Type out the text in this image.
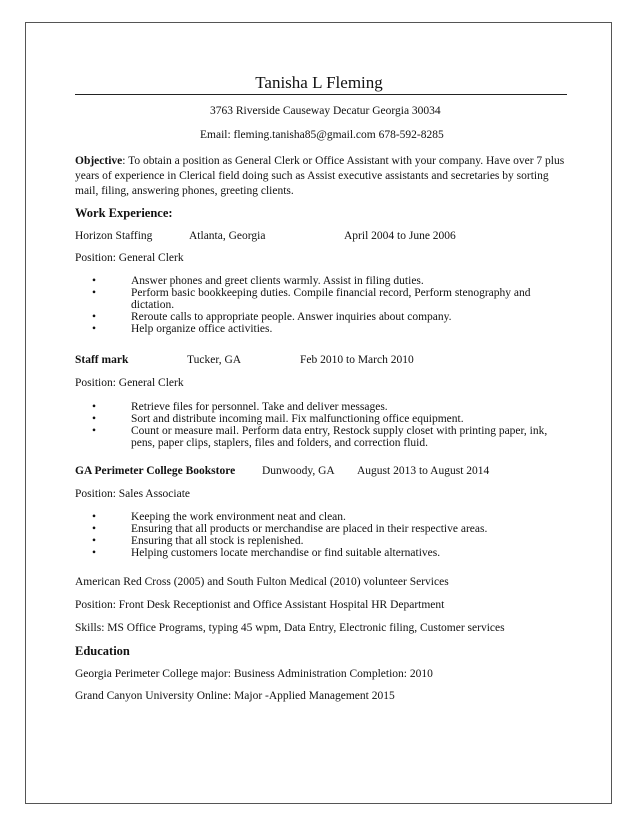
Tanisha L Fleming
3763 Riverside Causeway Decatur Georgia 30034
Email: fleming.tanisha85@gmail.com 678-592-8285
Objective: To obtain a position as General Clerk or Office Assistant with your company. Have over 7 plus years of experience in Clerical field doing such as Assist executive assistants and secretaries by sorting mail, filing, answering phones, greeting clients.
Work Experience:
Horizon Staffing	Atlanta, Georgia	April 2004 to June 2006
Position: General Clerk
•	Answer phones and greet clients warmly. Assist in filing duties.
•	Perform basic bookkeeping duties. Compile financial record, Perform stenography and dictation.
•	Reroute calls to appropriate people. Answer inquiries about company.
•	Help organize office activities.
Staff mark	Tucker, GA	Feb 2010 to March 2010
Position: General Clerk
•	Retrieve files for personnel. Take and deliver messages.
•	Sort and distribute incoming mail. Fix malfunctioning office equipment.
•	Count or measure mail. Perform data entry, Restock supply closet with printing paper, ink, pens, paper clips, staplers, files and folders, and correction fluid.
GA Perimeter College Bookstore Dunwoody, GA August 2013 to August 2014
Position: Sales Associate
•	Keeping the work environment neat and clean.
•	Ensuring that all products or merchandise are placed in their respective areas.
•	Ensuring that all stock is replenished.
•	Helping customers locate merchandise or find suitable alternatives.
American Red Cross (2005) and South Fulton Medical (2010) volunteer Services
Position: Front Desk Receptionist and Office Assistant Hospital HR Department
Skills: MS Office Programs, typing 45 wpm, Data Entry, Electronic filing, Customer services
Education
Georgia Perimeter College major: Business Administration Completion: 2010
Grand Canyon University Online: Major -Applied Management 2015
